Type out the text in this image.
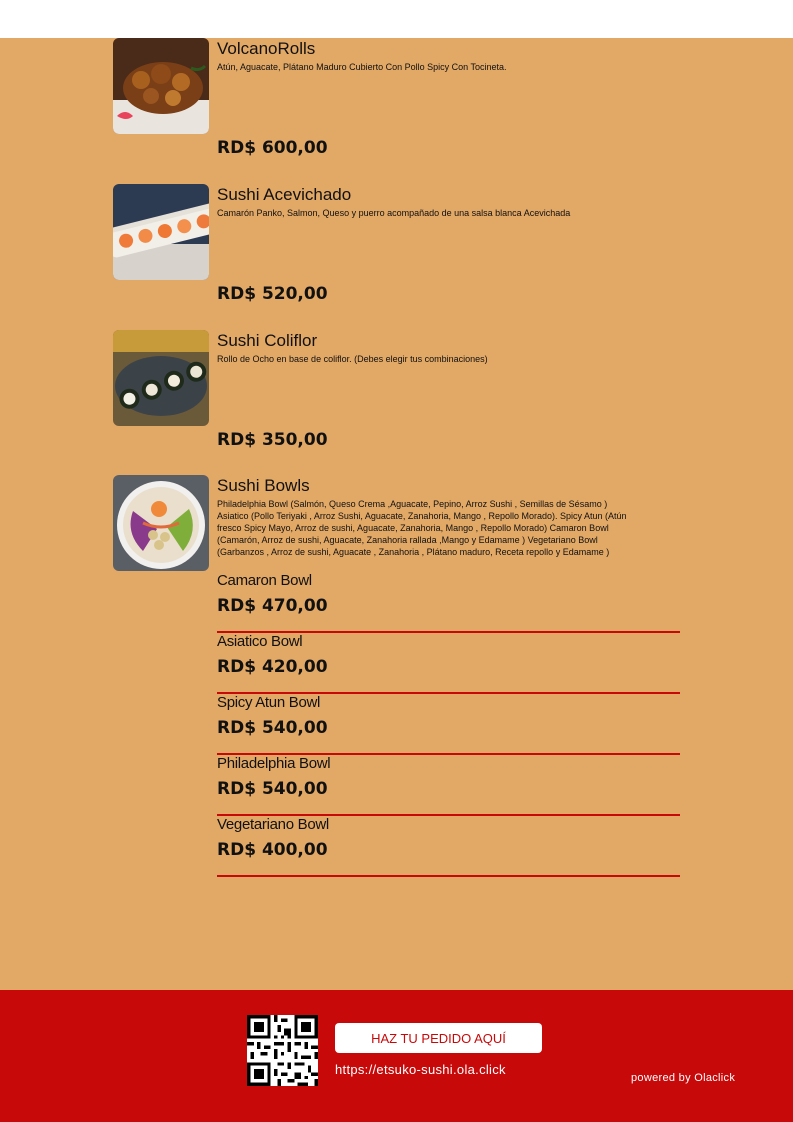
VolcanoRolls
Atún, Aguacate, Plátano Maduro Cubierto Con Pollo Spicy Con Tocineta.
RD$ 600,00
Sushi Acevichado
Camarón Panko, Salmon, Queso y puerro acompañado de una salsa blanca Acevichada
RD$ 520,00
Sushi Coliflor
Rollo de Ocho en base de coliflor. (Debes elegir tus combinaciones)
RD$ 350,00
Sushi Bowls
Philadelphia Bowl (Salmón, Queso Crema ,Aguacate, Pepino, Arroz Sushi , Semillas de Sésamo ) Asiatico (Pollo Teriyaki , Arroz Sushi, Aguacate, Zanahoria, Mango , Repollo Morado). Spicy Atun (Atún fresco Spicy Mayo, Arroz de sushi, Aguacate, Zanahoria, Mango , Repollo Morado) Camaron Bowl (Camarón, Arroz de sushi, Aguacate, Zanahoria rallada ,Mango y Edamame ) Vegetariano Bowl (Garbanzos , Arroz de sushi, Aguacate , Zanahoria , Plátano maduro, Receta repollo y Edamame )
Camaron Bowl
RD$ 470,00
Asiatico Bowl
RD$ 420,00
Spicy Atun Bowl
RD$ 540,00
Philadelphia Bowl
RD$ 540,00
Vegetariano Bowl
RD$ 400,00
HAZ TU PEDIDO AQUÍ
https://etsuko-sushi.ola.click
powered by Olaclick
